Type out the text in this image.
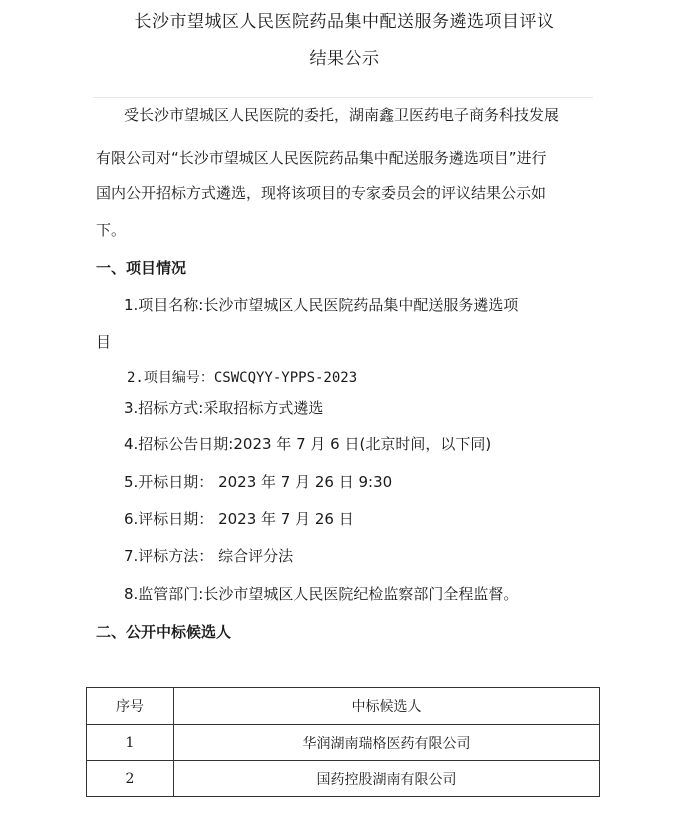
长沙市望城区人民医院药品集中配送服务遴选项目评议
结果公示
受长沙市望城区人民医院的委托，湖南鑫卫医药电子商务科技发展
有限公司对“长沙市望城区人民医院药品集中配送服务遴选项目”进行
国内公开招标方式遴选，现将该项目的专家委员会的评议结果公示如
下。
一、项目情况
1.项目名称:长沙市望城区人民医院药品集中配送服务遴选项
目
2.项目编号：CSWCQYY-YPPS-2023
3.招标方式:采取招标方式遴选
4.招标公告日期:2023 年 7 月 6 日(北京时间，以下同)
5.开标日期： 2023 年 7 月 26 日 9:30
6.评标日期： 2023 年 7 月 26 日
7.评标方法： 综合评分法
8.监管部门:长沙市望城区人民医院纪检监察部门全程监督。
二、公开中标候选人
序号	中标候选人
1	华润湖南瑞格医药有限公司
2	国药控股湖南有限公司
